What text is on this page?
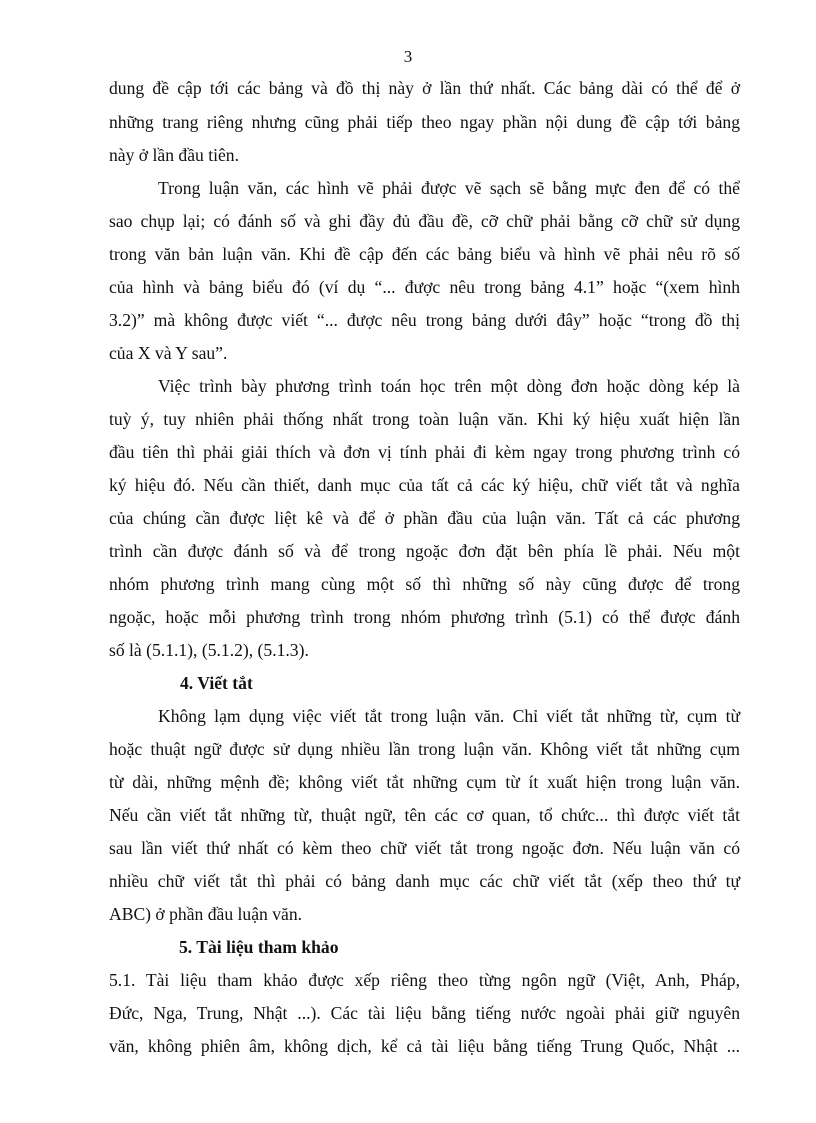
3
dung đề cập tới các bảng và đồ thị này ở lần thứ nhất. Các bảng dài có thể để ở
những trang riêng nhưng cũng phải tiếp theo ngay phần nội dung đề cập tới bảng
này ở lần đầu tiên.
Trong luận văn, các hình vẽ phải được vẽ sạch sẽ bằng mực đen để có thể
sao chụp lại; có đánh số và ghi đầy đủ đầu đề, cỡ chữ phải bằng cỡ chữ sử dụng
trong văn bản luận văn. Khi đề cập đến các bảng biểu và hình vẽ phải nêu rõ số
của hình và bảng biểu đó (ví dụ “... được nêu trong bảng 4.1” hoặc “(xem hình
3.2)” mà không được viết “... được nêu trong bảng dưới đây” hoặc “trong đồ thị
của X và Y sau”.
Việc trình bày phương trình toán học trên một dòng đơn hoặc dòng kép là
tuỳ ý, tuy nhiên phải thống nhất trong toàn luận văn. Khi ký hiệu xuất hiện lần
đầu tiên thì phải giải thích và đơn vị tính phải đi kèm ngay trong phương trình có
ký hiệu đó. Nếu cần thiết, danh mục của tất cả các ký hiệu, chữ viết tắt và nghĩa
của chúng cần được liệt kê và để ở phần đầu của luận văn. Tất cả các phương
trình cần được đánh số và để trong ngoặc đơn đặt bên phía lề phải. Nếu một
nhóm phương trình mang cùng một số thì những số này cũng được để trong
ngoặc, hoặc mỗi phương trình trong nhóm phương trình (5.1) có thể được đánh
số là (5.1.1), (5.1.2), (5.1.3).
4. Viết tắt
Không lạm dụng việc viết tắt trong luận văn. Chỉ viết tắt những từ, cụm từ
hoặc thuật ngữ được sử dụng nhiều lần trong luận văn. Không viết tắt những cụm
từ dài, những mệnh đề; không viết tắt những cụm từ ít xuất hiện trong luận văn.
Nếu cần viết tắt những từ, thuật ngữ, tên các cơ quan, tổ chức... thì được viết tắt
sau lần viết thứ nhất có kèm theo chữ viết tắt trong ngoặc đơn. Nếu luận văn có
nhiều chữ viết tắt thì phải có bảng danh mục các chữ viết tắt (xếp theo thứ tự
ABC) ở phần đầu luận văn.
5. Tài liệu tham khảo
5.1. Tài liệu tham khảo được xếp riêng theo từng ngôn ngữ (Việt, Anh, Pháp,
Đức, Nga, Trung, Nhật ...). Các tài liệu bằng tiếng nước ngoài phải giữ nguyên
văn, không phiên âm, không dịch, kể cả tài liệu bằng tiếng Trung Quốc, Nhật ...
